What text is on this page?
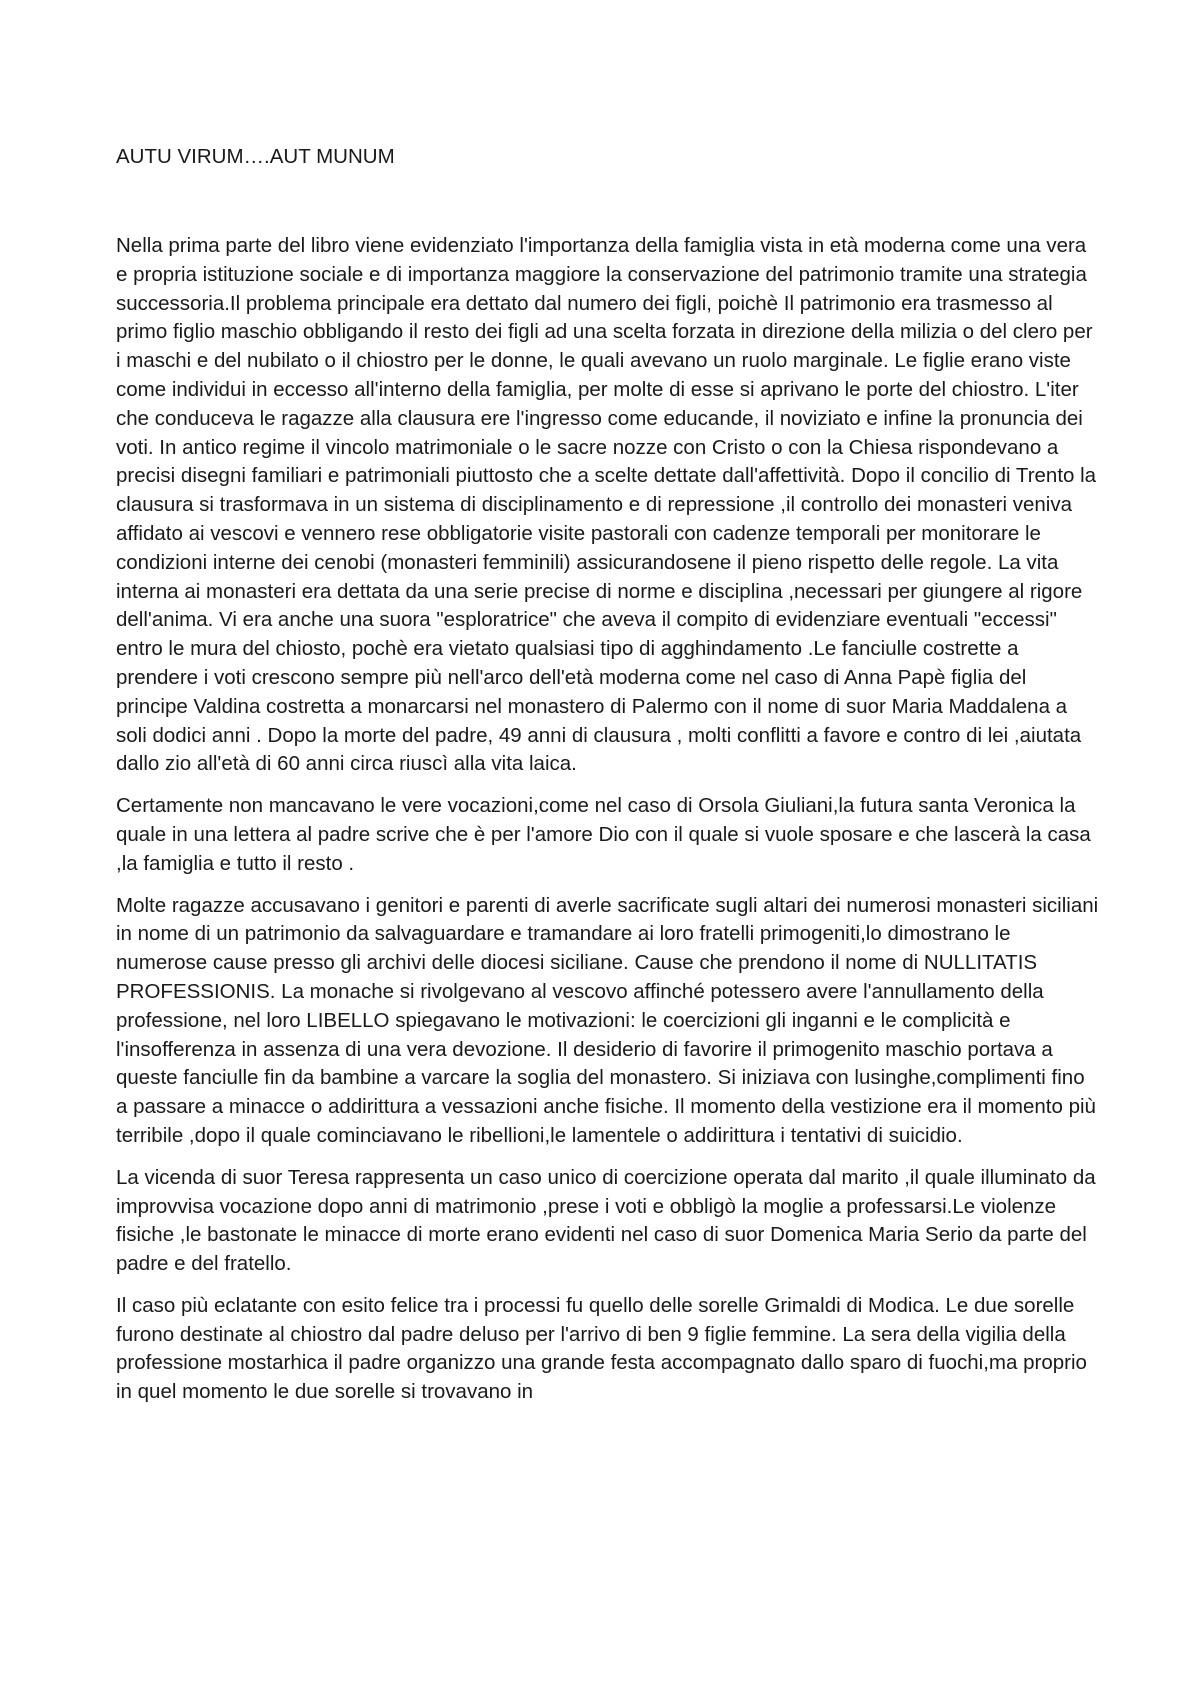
AUTU VIRUM….AUT MUNUM

Nella prima parte del libro viene evidenziato l'importanza della famiglia vista in età moderna come una vera e propria istituzione sociale e di importanza maggiore la conservazione del patrimonio tramite una strategia successoria.Il problema principale era dettato dal numero dei figli, poichè Il patrimonio era trasmesso al primo figlio maschio obbligando il resto dei figli ad una scelta forzata in direzione della milizia o del clero per i maschi e del nubilato o il chiostro per le donne, le quali avevano un ruolo marginale. Le figlie erano viste come individui in eccesso all'interno della famiglia, per molte di esse si aprivano le porte del chiostro. L'iter che conduceva le ragazze alla clausura ere l'ingresso come educande, il noviziato e infine la pronuncia dei voti. In antico regime il vincolo matrimoniale o le sacre nozze con Cristo o con la Chiesa rispondevano a precisi disegni familiari e patrimoniali piuttosto che a scelte dettate dall'affettività. Dopo il concilio di Trento la clausura si trasformava in un sistema di disciplinamento e di repressione ,il controllo dei monasteri veniva affidato ai vescovi e vennero rese obbligatorie visite pastorali con cadenze temporali per monitorare le condizioni interne dei cenobi (monasteri femminili) assicurandosene il pieno rispetto delle regole. La vita interna ai monasteri era dettata da una serie precise di norme e disciplina ,necessari per giungere al rigore dell'anima. Vi era anche una suora "esploratrice" che aveva il compito di evidenziare eventuali "eccessi" entro le mura del chiosto, pochè era vietato qualsiasi tipo di agghindamento .Le fanciulle costrette a prendere i voti crescono sempre più nell'arco dell'età moderna come nel caso di Anna Papè figlia del principe Valdina costretta a monarcarsi nel monastero di Palermo con il nome di suor Maria Maddalena a soli dodici anni . Dopo la morte del padre, 49 anni di clausura , molti conflitti a favore e contro di lei ,aiutata dallo zio all'età di 60 anni circa riuscì alla vita laica.

Certamente non mancavano le vere vocazioni,come nel caso di Orsola Giuliani,la futura santa Veronica la quale in una lettera al padre scrive che è per l'amore Dio con il quale si vuole sposare e che lascerà la casa ,la famiglia e tutto il resto .

Molte ragazze accusavano i genitori e parenti di averle sacrificate sugli altari dei numerosi monasteri siciliani in nome di un patrimonio da salvaguardare e tramandare ai loro fratelli primogeniti,lo dimostrano le numerose cause presso gli archivi delle diocesi siciliane. Cause che prendono il nome di NULLITATIS PROFESSIONIS. La monache si rivolgevano al vescovo affinché potessero avere l'annullamento della professione, nel loro LIBELLO spiegavano le motivazioni: le coercizioni gli inganni e le complicità e l'insofferenza in assenza di una vera devozione. Il desiderio di favorire il primogenito maschio portava a queste fanciulle fin da bambine a varcare la soglia del monastero. Si iniziava con lusinghe,complimenti fino a passare a minacce o addirittura a vessazioni anche fisiche. Il momento della vestizione era il momento più terribile ,dopo il quale cominciavano le ribellioni,le lamentele o addirittura i tentativi di suicidio.

La vicenda di suor Teresa rappresenta un caso unico di coercizione operata dal marito ,il quale illuminato da improvvisa vocazione dopo anni di matrimonio ,prese i voti e obbligò la moglie a professarsi.Le violenze fisiche ,le bastonate le minacce di morte erano evidenti nel caso di suor Domenica Maria Serio da parte del padre e del fratello.

Il caso più eclatante con esito felice tra i processi fu quello delle sorelle Grimaldi di Modica. Le due sorelle furono destinate al chiostro dal padre deluso per l'arrivo di ben 9 figlie femmine. La sera della vigilia della professione mostarhica il padre organizzo una grande festa accompagnato dallo sparo di fuochi,ma proprio in quel momento le due sorelle si trovavano in
